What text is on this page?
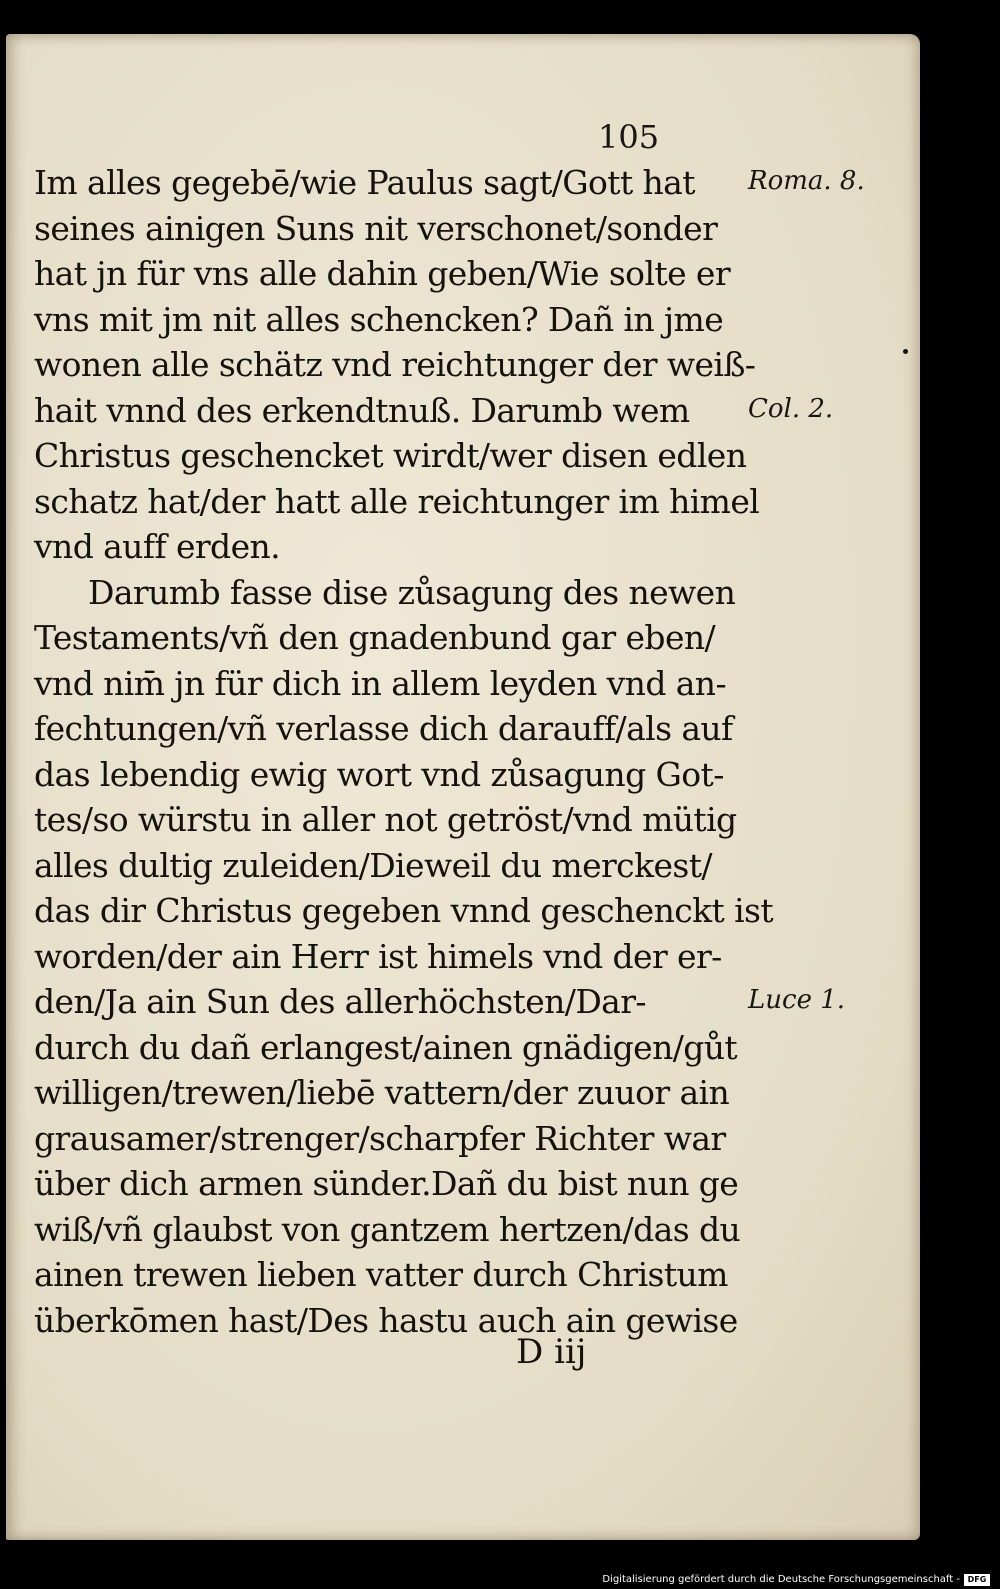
105
Im alles gegebē/wie Paulus sagt/Gott hat
seines ainigen Suns nit verschonet/sonder
hat jn für vns alle dahin geben/Wie solte er
vns mit jm nit alles schencken? Dañ in jme
wonen alle schätz vnd reichtunger der weiß-
hait vnnd des erkendtnuß. Darumb wem
Christus geschencket wirdt/wer disen edlen
schatz hat/der hatt alle reichtunger im himel
vnd auff erden.
Darumb fasse dise zůsagung des newen
Testaments/vñ den gnadenbund gar eben/
vnd nim̄ jn für dich in allem leyden vnd an-
fechtungen/vñ verlasse dich darauff/als auf
das lebendig ewig wort vnd zůsagung Got-
tes/so würstu in aller not getröst/vnd mütig
alles dultig zuleiden/Dieweil du merckest/
das dir Christus gegeben vnnd geschenckt ist
worden/der ain Herr ist himels vnd der er-
den/Ja ain Sun des allerhöchsten/Dar-
durch du dañ erlangest/ainen gnädigen/gůt
willigen/trewen/liebē vattern/der zuuor ain
grausamer/strenger/scharpfer Richter war
über dich armen sünder.Dañ du bist nun ge
wiß/vñ glaubst von gantzem hertzen/das du
ainen trewen lieben vatter durch Christum
überkōmen hast/Des hastu auch ain gewise
Roma. 8.
Col. 2.
Luce 1.
D iij
Digitalisierung gefördert durch die Deutsche Forschungsgemeinschaft - DFG
